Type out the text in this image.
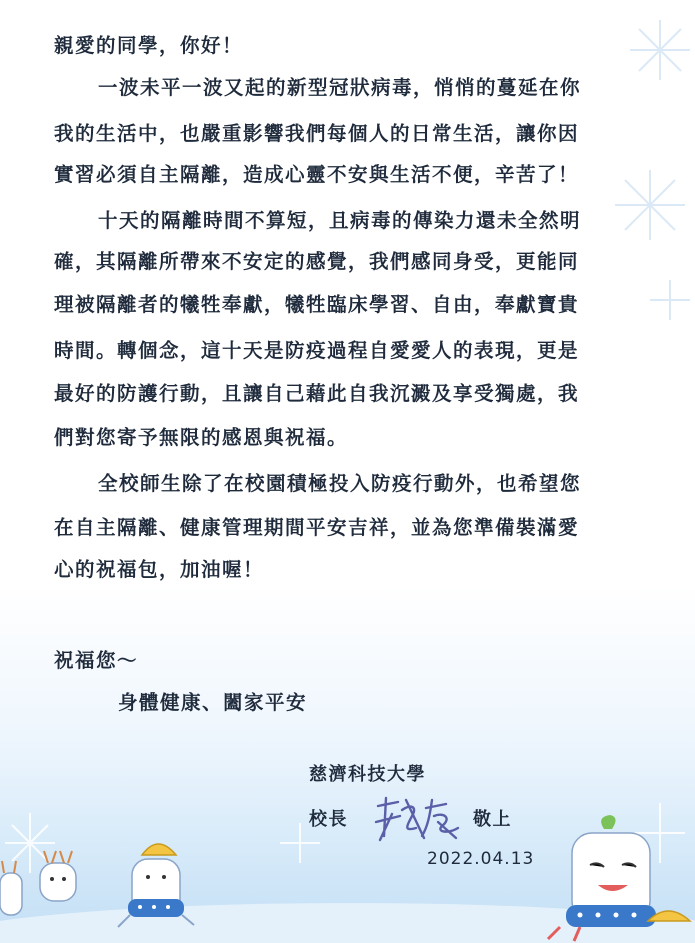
親愛的同學，你好！
一波未平一波又起的新型冠狀病毒，悄悄的蔓延在你
我的生活中，也嚴重影響我們每個人的日常生活，讓你因
實習必須自主隔離，造成心靈不安與生活不便，辛苦了！
十天的隔離時間不算短，且病毒的傳染力還未全然明
確，其隔離所帶來不安定的感覺，我們感同身受，更能同
理被隔離者的犧牲奉獻，犧牲臨床學習、自由，奉獻寶貴
時間。轉個念，這十天是防疫過程自愛愛人的表現，更是
最好的防護行動，且讓自己藉此自我沉澱及享受獨處，我
們對您寄予無限的感恩與祝福。
全校師生除了在校園積極投入防疫行動外，也希望您
在自主隔離、健康管理期間平安吉祥，並為您準備裝滿愛
心的祝福包，加油喔！
祝福您～
身體健康、闔家平安
慈濟科技大學
校長	敬上
2022.04.13
